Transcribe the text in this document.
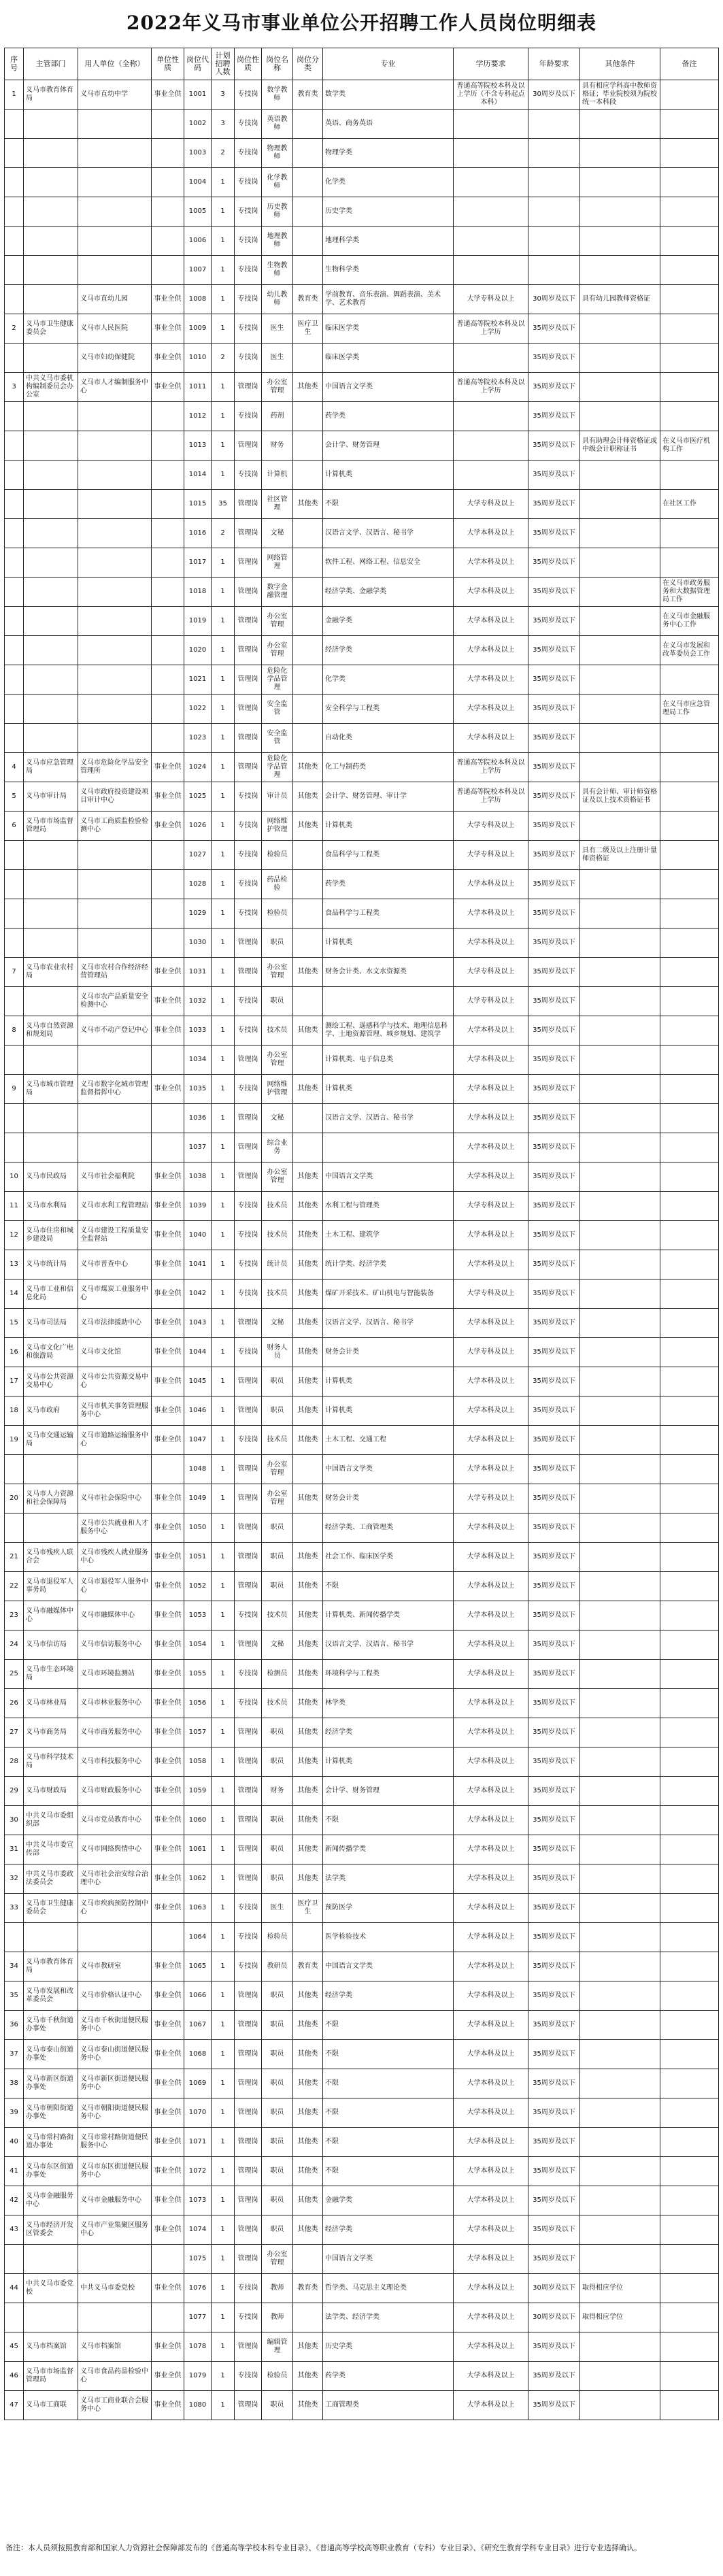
2022年义马市事业单位公开招聘工作人员岗位明细表
序号	主管部门	用人单位（全称）	单位性质	岗位代码	计划招聘人数	岗位性质	岗位名称	岗位分类	专业	学历要求	年龄要求	其他条件	备注
1	义马市教育体育局	义马市直幼中学	事业全供	1001	3	专技岗	数学教师	教育类	数学类	普通高等院校本科及以上学历（不含专科起点本科）	30周岁及以下	具有相应学科高中教师资格证；毕业院校须为院校统一本科段	
				1002	3	专技岗	英语教师		英语、商务英语				
				1003	2	专技岗	物理教师		物理学类				
				1004	1	专技岗	化学教师		化学类				
				1005	1	专技岗	历史教师		历史学类				
				1006	1	专技岗	地理教师		地理科学类				
				1007	1	专技岗	生物教师		生物科学类				
		义马市直幼儿园	事业全供	1008	1	专技岗	幼儿教师	教育类	学前教育、音乐表演、舞蹈表演、美术学、艺术教育	大学专科及以上	30周岁及以下	具有幼儿园教师资格证	
2	义马市卫生健康委员会	义马市人民医院	事业全供	1009	1	专技岗	医生	医疗卫生	临床医学类	普通高等院校本科及以上学历	35周岁及以下		
		义马市妇幼保健院	事业全供	1010	2	专技岗	医生		临床医学类		35周岁及以下		
3	中共义马市委机构编制委员会办公室	义马市人才编制服务中心	事业全供	1011	1	管理岗	办公室管理	其他类	中国语言文学类	普通高等院校本科及以上学历	35周岁及以下		
				1012	1	专技岗	药剂		药学类		35周岁及以下		
				1013	1	管理岗	财务		会计学、财务管理		35周岁及以下	具有助理会计师资格证或中级会计职称证书	在义马市医疗机构工作
				1014	1	专技岗	计算机		计算机类		35周岁及以下		
				1015	35	管理岗	社区管理	其他类	不限	大学专科及以上	35周岁及以下		在社区工作
				1016	2	管理岗	文秘		汉语言文学、汉语言、秘书学	大学本科及以上	35周岁及以下		
				1017	1	管理岗	网络管理		软件工程、网络工程、信息安全	大学本科及以上	35周岁及以下		
				1018	1	管理岗	数字金融管理		经济学类、金融学类	大学本科及以上	35周岁及以下		在义马市政务服务和大数据管理局工作
				1019	1	管理岗	办公室管理		金融学类	大学本科及以上	35周岁及以下		在义马市金融服务中心工作
				1020	1	管理岗	办公室管理		经济学类	大学本科及以上	35周岁及以下		在义马市发展和改革委员会工作
				1021	1	管理岗	危险化学品管理		化学类	大学本科及以上	35周岁及以下		
				1022	1	管理岗	安全监管		安全科学与工程类	大学本科及以上	35周岁及以下		在义马市应急管理局工作
				1023	1	管理岗	安全监管		自动化类	大学本科及以上	35周岁及以下		
4	义马市应急管理局	义马市危险化学品安全管理所	事业全供	1024	1	管理岗	危险化学品管理	其他类	化工与制药类	普通高等院校本科及以上学历	35周岁及以下		
5	义马市审计局	义马市政府投资建设项目审计中心	事业全供	1025	1	专技岗	审计员	其他类	会计学、财务管理、审计学	普通高等院校本科及以上学历	35周岁及以下	具有会计师、审计师资格证及以上技术资格证书	
6	义马市市场监督管理局	义马市工商质监检验检测中心	事业全供	1026	1	专技岗	网络维护管理	其他类	计算机类	大学专科及以上	35周岁及以下		
				1027	1	专技岗	检验员		食品科学与工程类	大学专科及以上	35周岁及以下	具有二级及以上注册计量师资格证	
				1028	1	专技岗	药品检验		药学类	大学本科及以上	35周岁及以下		
				1029	1	专技岗	检验员		食品科学与工程类	大学本科及以上	35周岁及以下		
				1030	1	管理岗	职员		计算机类	大学本科及以上	35周岁及以下		
7	义马市农业农村局	义马市农村合作经济经营管理站	事业全供	1031	1	管理岗	办公室管理	其他类	财务会计类、水文水资源类	大学专科及以上	35周岁及以下		
		义马市农产品质量安全检测中心	事业全供	1032	1	专技岗	职员			大学专科及以上	35周岁及以下		
8	义马市自然资源和规划局	义马市不动产登记中心	事业全供	1033	1	专技岗	技术员	其他类	测绘工程、遥感科学与技术、地理信息科学、土地资源管理、城乡规划、建筑学	大学本科及以上	35周岁及以下		
				1034	1	管理岗	办公室管理		计算机类、电子信息类	大学本科及以上	35周岁及以下		
9	义马市城市管理局	义马市数字化城市管理监督指挥中心	事业全供	1035	1	专技岗	网络维护管理	其他类	计算机类	大学本科及以上	35周岁及以下		
				1036	1	管理岗	文秘		汉语言文学、汉语言、秘书学	大学本科及以上	35周岁及以下		
				1037	1	管理岗	综合业务			大学本科及以上	35周岁及以下		
10	义马市民政局	义马市社会福利院	事业全供	1038	1	管理岗	办公室管理	其他类	中国语言文学类	大学本科及以上	35周岁及以下		
11	义马市水利局	义马市水利工程管理站	事业全供	1039	1	专技岗	技术员	其他类	水利工程与管理类	大学专科及以上	35周岁及以下		
12	义马市住房和城乡建设局	义马市建设工程质量安全监督站	事业全供	1040	1	专技岗	技术员	其他类	土木工程、建筑学	大学本科及以上	35周岁及以下		
13	义马市统计局	义马市普查中心	事业全供	1041	1	专技岗	统计员	其他类	统计学类、经济学类	大学本科及以上	35周岁及以下		
14	义马市工业和信息化局	义马市煤炭工业服务中心	事业全供	1042	1	专技岗	技术员	其他类	煤矿开采技术、矿山机电与智能装备	大学专科及以上	35周岁及以下		
15	义马市司法局	义马市法律援助中心	事业全供	1043	1	管理岗	文秘	其他类	汉语言文学、汉语言、秘书学	大学本科及以上	35周岁及以下		
16	义马市文化广电和旅游局	义马市文化馆	事业全供	1044	1	专技岗	财务人员	其他类	财务会计类	大学专科及以上	35周岁及以下		
17	义马市公共资源交易中心	义马市公共资源交易中心	事业全供	1045	1	管理岗	职员	其他类	计算机类	大学本科及以上	35周岁及以下		
18	义马市政府	义马市机关事务管理服务中心	事业全供	1046	1	管理岗	职员	其他类	计算机类	大学本科及以上	35周岁及以下		
19	义马市交通运输局	义马市道路运输服务中心	事业全供	1047	1	专技岗	技术员	其他类	土木工程、交通工程	大学本科及以上	35周岁及以下		
				1048	1	管理岗	办公室管理		中国语言文学类	大学本科及以上	35周岁及以下		
20	义马市人力资源和社会保障局	义马市社会保险中心	事业全供	1049	1	管理岗	办公室管理	其他类	财务会计类	大学专科及以上	35周岁及以下		
		义马市公共就业和人才服务中心	事业全供	1050	1	管理岗	职员		经济学类、工商管理类	大学本科及以上	35周岁及以下		
21	义马市残疾人联合会	义马市残疾人就业服务中心	事业全供	1051	1	管理岗	职员	其他类	社会工作、临床医学类	大学本科及以上	35周岁及以下		
22	义马市退役军人事务局	义马市退役军人服务中心	事业全供	1052	1	管理岗	职员	其他类	不限	大学本科及以上	35周岁及以下		
23	义马市融媒体中心	义马市融媒体中心	事业全供	1053	1	专技岗	技术员	其他类	计算机类、新闻传播学类	大学本科及以上	35周岁及以下		
24	义马市信访局	义马市信访服务中心	事业全供	1054	1	管理岗	文秘	其他类	汉语言文学、汉语言、秘书学	大学本科及以上	35周岁及以下		
25	义马市生态环境局	义马市环境监测站	事业全供	1055	1	专技岗	检测员	其他类	环境科学与工程类	大学本科及以上	35周岁及以下		
26	义马市林业局	义马市林业服务中心	事业全供	1056	1	专技岗	技术员	其他类	林学类	大学本科及以上	35周岁及以下		
27	义马市商务局	义马市商务服务中心	事业全供	1057	1	管理岗	职员	其他类	经济学类	大学本科及以上	35周岁及以下		
28	义马市科学技术局	义马市科技服务中心	事业全供	1058	1	管理岗	职员	其他类	计算机类	大学本科及以上	35周岁及以下		
29	义马市财政局	义马市财政服务中心	事业全供	1059	1	管理岗	财务	其他类	会计学、财务管理	大学本科及以上	35周岁及以下		
30	中共义马市委组织部	义马市党员教育中心	事业全供	1060	1	管理岗	职员	其他类	不限	大学本科及以上	35周岁及以下		
31	中共义马市委宣传部	义马市网络舆情中心	事业全供	1061	1	管理岗	职员	其他类	新闻传播学类	大学本科及以上	35周岁及以下		
32	中共义马市委政法委员会	义马市社会治安综合治理中心	事业全供	1062	1	管理岗	职员	其他类	法学类	大学本科及以上	35周岁及以下		
33	义马市卫生健康委员会	义马市疾病预防控制中心	事业全供	1063	1	专技岗	医生	医疗卫生	预防医学	大学本科及以上	35周岁及以下		
				1064	1	专技岗	检验员		医学检验技术	大学本科及以上	35周岁及以下		
34	义马市教育体育局	义马市教研室	事业全供	1065	1	专技岗	教研员	教育类	中国语言文学类	大学本科及以上	35周岁及以下		
35	义马市发展和改革委员会	义马市价格认证中心	事业全供	1066	1	管理岗	职员	其他类	经济学类	大学本科及以上	35周岁及以下		
36	义马市千秋街道办事处	义马市千秋街道便民服务中心	事业全供	1067	1	管理岗	职员	其他类	不限	大学本科及以上	35周岁及以下		
37	义马市泰山街道办事处	义马市泰山街道便民服务中心	事业全供	1068	1	管理岗	职员	其他类	不限	大学本科及以上	35周岁及以下		
38	义马市新区街道办事处	义马市新区街道便民服务中心	事业全供	1069	1	管理岗	职员	其他类	不限	大学本科及以上	35周岁及以下		
39	义马市朝阳街道办事处	义马市朝阳街道便民服务中心	事业全供	1070	1	管理岗	职员	其他类	不限	大学本科及以上	35周岁及以下		
40	义马市常村路街道办事处	义马市常村路街道便民服务中心	事业全供	1071	1	管理岗	职员	其他类	不限	大学本科及以上	35周岁及以下		
41	义马市东区街道办事处	义马市东区街道便民服务中心	事业全供	1072	1	管理岗	职员	其他类	不限	大学本科及以上	35周岁及以下		
42	义马市金融服务中心	义马市金融服务中心	事业全供	1073	1	管理岗	职员	其他类	金融学类	大学本科及以上	35周岁及以下		
43	义马市经济开发区管委会	义马市产业集聚区服务中心	事业全供	1074	1	管理岗	职员	其他类	经济学类	大学本科及以上	35周岁及以下		
				1075	1	管理岗	办公室管理		中国语言文学类	大学本科及以上	35周岁及以下		
44	中共义马市委党校	中共义马市委党校	事业全供	1076	1	专技岗	教师	教育类	哲学类、马克思主义理论类	大学本科及以上	30周岁及以下	取得相应学位	
				1077	1	专技岗	教师		法学类、经济学类	大学本科及以上	30周岁及以下	取得相应学位	
45	义马市档案馆	义马市档案馆	事业全供	1078	1	管理岗	编辑管理	其他类	历史学类	大学本科及以上	35周岁及以下		
46	义马市市场监督管理局	义马市食品药品检验中心	事业全供	1079	1	专技岗	检验员	其他类	药学类	大学本科及以上	35周岁及以下		
47	义马市工商联	义马市工商业联合会服务中心	事业全供	1080	1	管理岗	职员	其他类	工商管理类	大学本科及以上	35周岁及以下		
备注：本人员须按照教育部和国家人力资源社会保障部发布的《普通高等学校本科专业目录》、《普通高等学校高等职业教育（专科）专业目录》、《研究生教育学科专业目录》进行专业选择确认。
